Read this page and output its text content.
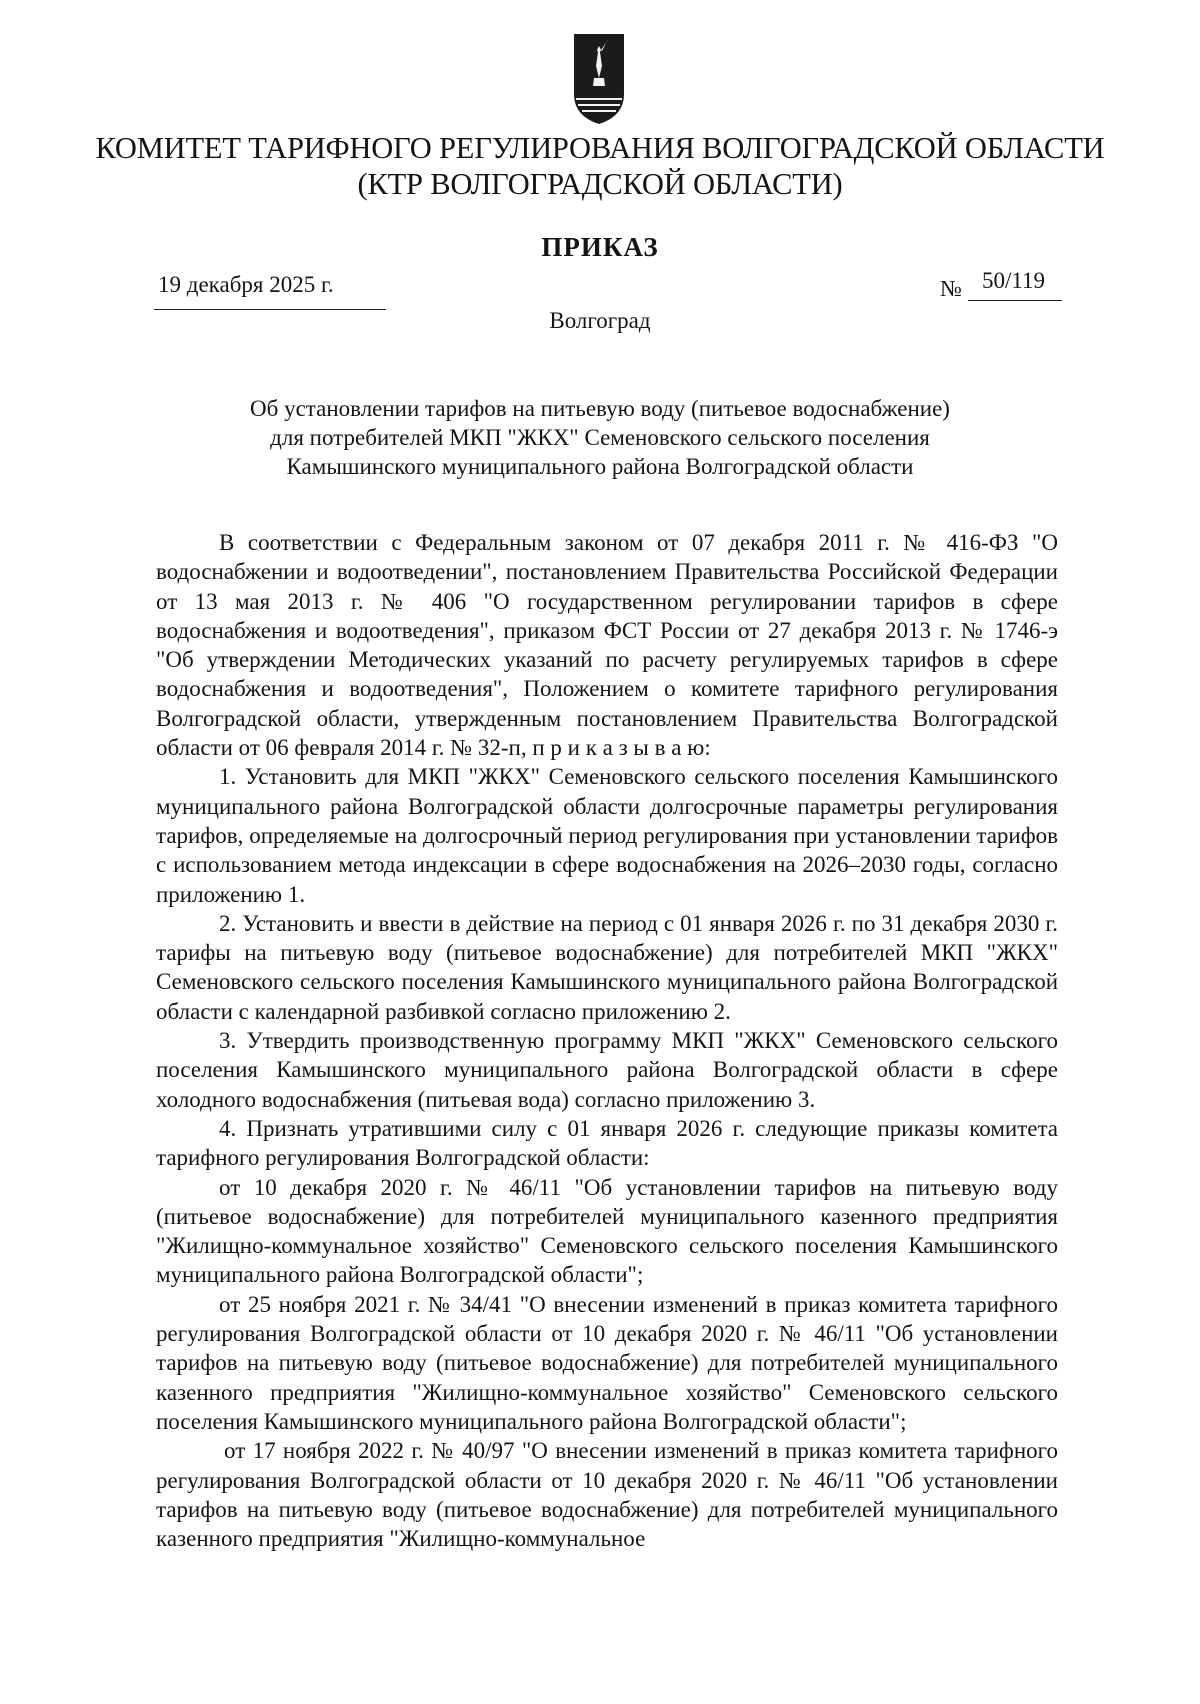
КОМИТЕТ ТАРИФНОГО РЕГУЛИРОВАНИЯ ВОЛГОГРАДСКОЙ ОБЛАСТИ
(КТР ВОЛГОГРАДСКОЙ ОБЛАСТИ)
ПРИКАЗ
19 декабря 2025 г.	№ 50/119
Волгоград
Об установлении тарифов на питьевую воду (питьевое водоснабжение)
для потребителей МКП "ЖКХ" Семеновского сельского поселения
Камышинского муниципального района Волгоградской области

В соответствии с Федеральным законом от 07 декабря 2011 г. № 416-ФЗ "О водоснабжении и водоотведении", постановлением Правительства Российской Федерации от 13 мая 2013 г. № 406 "О государственном регулировании тарифов в сфере водоснабжения и водоотведения", приказом ФСТ России от 27 декабря 2013 г. № 1746-э "Об утверждении Методических указаний по расчету регулируемых тарифов в сфере водоснабжения и водоотведения", Положением о комитете тарифного регулирования Волгоградской области, утвержденным постановлением Правительства Волгоградской области от 06 февраля 2014 г. № 32-п, п р и к а з ы в а ю:

1. Установить для МКП "ЖКХ" Семеновского сельского поселения Камышинского муниципального района Волгоградской области долгосрочные параметры регулирования тарифов, определяемые на долгосрочный период регулирования при установлении тарифов с использованием метода индексации в сфере водоснабжения на 2026–2030 годы, согласно приложению 1.

2. Установить и ввести в действие на период с 01 января 2026 г. по 31 декабря 2030 г. тарифы на питьевую воду (питьевое водоснабжение) для потребителей МКП "ЖКХ" Семеновского сельского поселения Камышинского муниципального района Волгоградской области с календарной разбивкой согласно приложению 2.

3. Утвердить производственную программу МКП "ЖКХ" Семеновского сельского поселения Камышинского муниципального района Волгоградской области в сфере холодного водоснабжения (питьевая вода) согласно приложению 3.

4. Признать утратившими силу с 01 января 2026 г. следующие приказы комитета тарифного регулирования Волгоградской области:

от 10 декабря 2020 г. № 46/11 "Об установлении тарифов на питьевую воду (питьевое водоснабжение) для потребителей муниципального казенного предприятия "Жилищно-коммунальное хозяйство" Семеновского сельского поселения Камышинского муниципального района Волгоградской области";

от 25 ноября 2021 г. № 34/41 "О внесении изменений в приказ комитета тарифного регулирования Волгоградской области от 10 декабря 2020 г. № 46/11 "Об установлении тарифов на питьевую воду (питьевое водоснабжение) для потребителей муниципального казенного предприятия "Жилищно-коммунальное хозяйство" Семеновского сельского поселения Камышинского муниципального района Волгоградской области";

от 17 ноября 2022 г. № 40/97 "О внесении изменений в приказ комитета тарифного регулирования Волгоградской области от 10 декабря 2020 г. № 46/11 "Об установлении тарифов на питьевую воду (питьевое водоснабжение) для потребителей муниципального казенного предприятия "Жилищно-коммунальное
